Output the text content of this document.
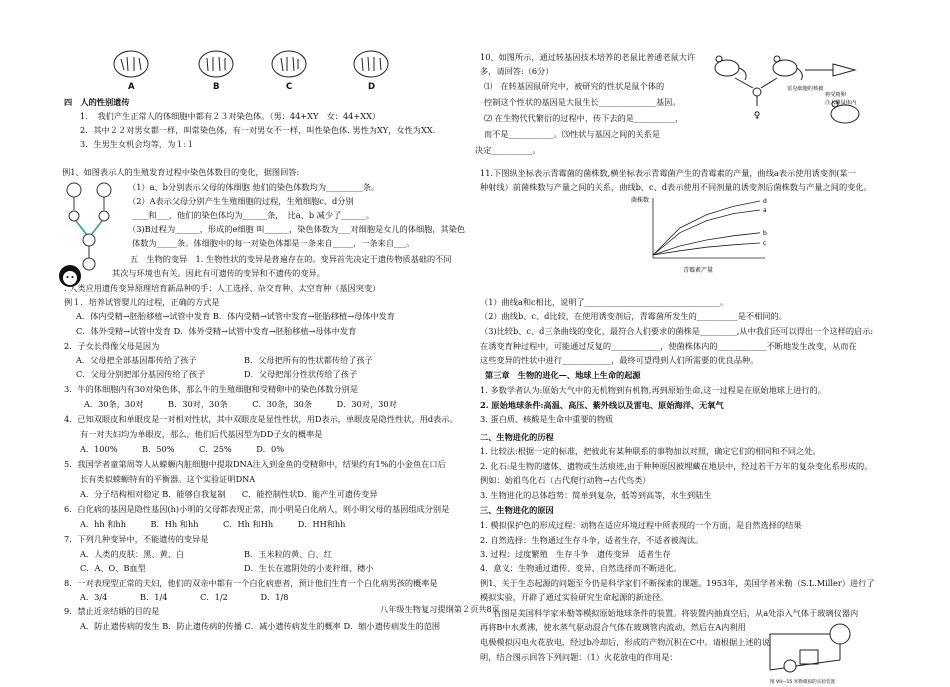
A	B	C	D
四　人的性别遗传
1．　我们产生正常人的体细胞中都有２３对染色体。（男：44+XY　女：44+XX）
2．其中２２对男女都一样，叫常染色体，有一对男女不一样，叫性染色体. 男性为XY，女性为XX.
3．生男生女机会均等，为１:１
例1、如图表示人的生殖发育过程中染色体数目的变化，据图回答:
（1）a、b分别表示父母的体细胞 他们的染色体数均为_________条。
（2）A表示父母分别产生生殖细胞的过程，生殖细胞c、d分别
____和___，他们的染色体均为______条，　比a、b 减少了______。
（3)B过程为______，形成的e细胞 叫______，染色体数为___对细胞是女儿的体细胞，其染色
体数为_____条。体细胞中的每一对染色体都是一条来自_____，一条来自___。
五　生物的变异　1. 生物性状的变异是普遍存在的。变异首先决定于遗传物质基础的不同
其次与环境也有关。因此有可遗传的变异和不遗传的变异。
. 人类应用遗传变异原理培育新品种的手：人工选择、杂交育种、太空育种（基因突变）
例１．培养试管婴儿的过程，正确的方式是
A．体内受精→胚胎移植→试管中发育 B．体内受精→试管中发育→胚胎移植→母体中发育
C．体外受精→试管中发育 D．体外受精→试管中发育→胚胎移植→母体中发育
2．子女长得像父母是因为
A．父母把全部基因都传给了孩子	B．父母把所有的性状都传给了孩子
C．父母分别把部分基因传给了孩子	D．父母把部分性状传给了孩子
3．牛的体细胞内有30对染色体，那么牛的生殖细胞和受精卵中的染色体数分别是
A．30条，30对　　　B．30对，30条　　　C．30条，30条　　　D．30对，30对
4．已知双眼皮和单眼皮是一对相对性状，其中双眼皮是显性性状，用D表示，单眼皮是隐性性状，用d表示。
有一对夫妇均为单眼皮，那么，他们后代基因型为DD子女的概率是
A．100%　　　B．50%　　　C．25%　　　D．0%
5．我国学者童第周等人从蝾螈内脏细胞中提取DNA注入到金鱼的受精卵中，结果约有1%的小金鱼在口后
长有类似蝾螈特有的平衡器。这个实验证明DNA
A．分子结构相对稳定 B．能够自我复制　　C．能控制性状D．能产生可遗传变异
6．白化病的基因是隐性基因(h)小明的父母都表现正常，而小明是白化病人，则小明父母的基因组成分别是
A．hh 和hh　　　B．Hh 和hh　　　C．Hh 和Hh　　　D．HH和hh
7．下列几种变异中，不能遗传的变异是
A．人类的皮肤：黑、黄、白	B．玉米粒的黄、白、红
C．A、O、B血型	D．生长在遮阴处的小麦秆细、穗小
8．一对表现型正常的夫妇，他们的双亲中都有一个白化病患者，预计他们生育一个白化病男孩的概率是
A．3/4　　　　B．1/4　　　　C．1/2　　　　D．1/8
9．禁止近亲结婚的目的是
A．防止遗传病的发生 B．防止遗传病的传播 C．减小遗传病发生的概率 D．缩小遗传病发生的范围
八年级生物复习提纲第２页共8页
10、如图所示，通过转基因技术培养的老鼠比普通老鼠大许
多，请回答:（6分）
⑴　在转基因鼠研究中，被研究的性状是鼠个体的
控制这个性状的基因是大鼠生长______________基因。
⑵ 在生物代代繁衍的过程中，传下去的是__________，
而不是___________。⑶性状与基因之间的关系是
决定__________。
♀
雷克细胞的核被
将受精卵
注入雌鼠体内
11.下图纵坐标表示青霉菌的菌株数,横坐标表示青霉菌产生的青霉素的产量，曲线a表示使用诱变剂(某一
种射线）前菌株数与产量之间的关系，曲线b、c、d表示使用不同剂量的诱变剂后菌株数与产量之间的变化。
菌株数
青霉素产量
d
a
b
c
（1）曲线a和c相比，说明了_________________________________。
（2）曲线b、c、d比较，在使用诱变剂后，青霉菌所发生的__________是不相同的。
（3)比较b、c、d三条曲线的变化，最符合人们要求的菌株是_________,从中我们还可以得出一个这样的启示:
在诱变育种过程中，可能通过反复的____________，使菌株体内的____________不断地发生改变，从而在
这些变异的性状中进行____________，最终可望得到人们所需要的优良品种。
第三章　生物的进化—、地球上生命的起源
1. 多数学者认为:原始大气中的无机物到有机物,再到原始生命,这一过程是在原始地球上进行的。
2. 原始地球条件:高温、高压、紫外线以及雷电、原始海洋、无氧气
3. 蛋白质、核酸是生命中重要的物质
二、生物进化的历程
1. 比较法:根据一定的标准，把彼此有某种联系的事物加以对照，确定它们的相同和不同之处。
2. 化石:是生物的遗体、遗物或生活痕迹,由于种种原因被埋藏在地层中，经过若干万年的复杂变化系形成的。
例如：始祖鸟化石（古代爬行动物→古代鸟类）
3. 生物进化的总体趋势：简单到复杂，低等到高等，水生到陆生
三、生物进化的原因
1. 模拟保护色的形成过程：动物在适应环境过程中所表现的一个方面，是自然选择的结果
2. 自然选择：生物通过生存斗争，适者生存，不适者被淘汰。
3. 过程：过度繁殖　生存斗争　遗传变异　适者生存
4．意义：生物通过遗传、变异、自然选择而不断进化。
例1、关于生态起源的问题至今仍是科学家们不断探索的课题。1953年，美国学者米勒（S.L.Miller）进行了
模拟实验，开辟了通过实验研究生命起源的新途径。
右图是美国科学家米勒等模拟原始地球条件的装置。将装置内抽真空后，从a处添入气体于玻璃仪器内
再将B中水煮沸，使水蒸气驱动混合气体在玻璃管内流动，然后在A内利用
电极模拟闪电火花放电，经过b冷却后，形成的产物沉积在C中。请根据上述的说
明，结合图示回答下列问题：（1）火花放电的作用是：
图 VII—15 米勒模拟的实验装置
